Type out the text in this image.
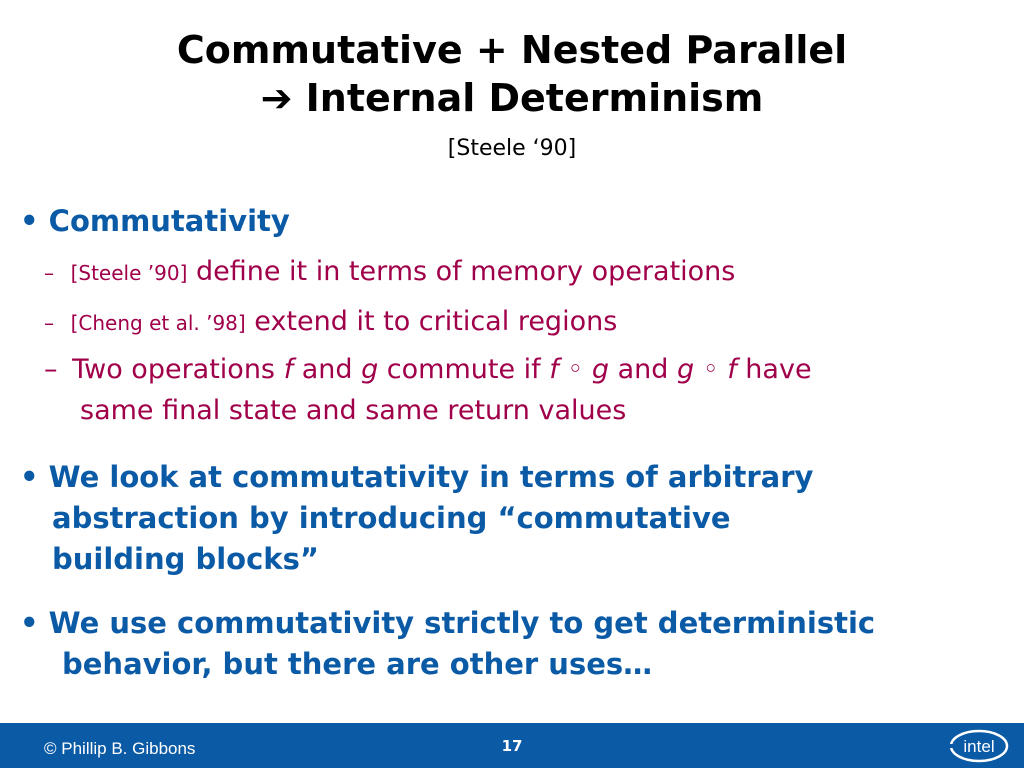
Commutative + Nested Parallel
➔ Internal Determinism
[Steele ‘90]
• Commutativity
– [Steele ’90] define it in terms of memory operations
– [Cheng et al. ’98] extend it to critical regions
– Two operations f and g commute if f ◦ g and g ◦ f have
same final state and same return values
• We look at commutativity in terms of arbitrary
abstraction by introducing “commutative
building blocks”
• We use commutativity strictly to get deterministic
behavior, but there are other uses…
© Phillip B. Gibbons	17	intel
